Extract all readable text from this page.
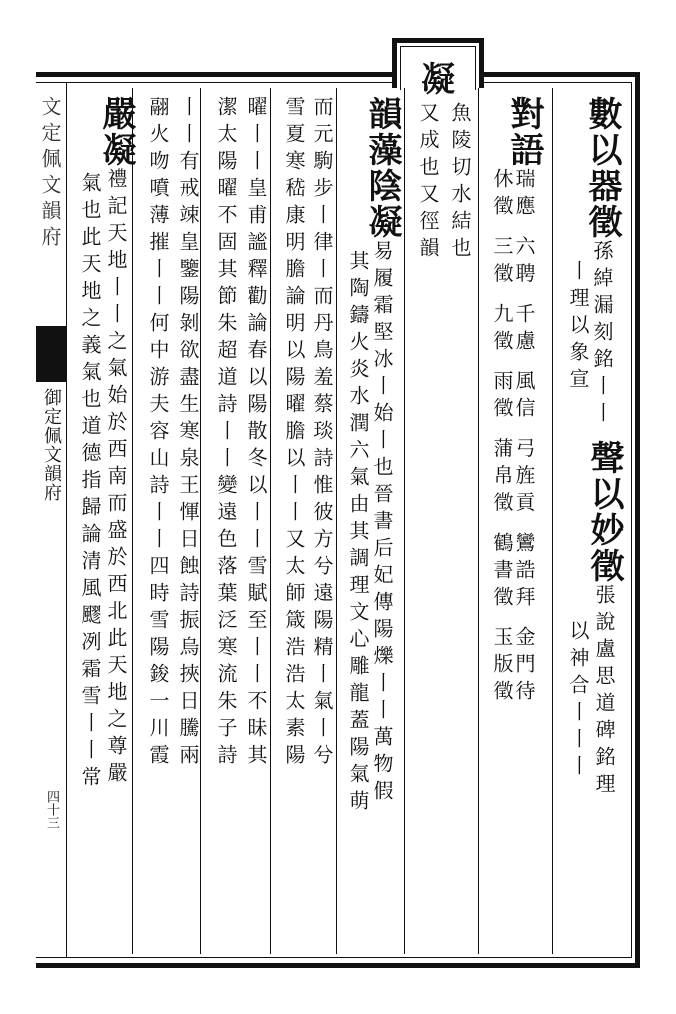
凝
文定佩文韻府
御定佩文韻府
四十三
數以器徵孫綽漏刻銘丨丨
丨理以象宣
聲以妙徵張說盧思道碑銘理
以神合丨丨丨
對語瑞應 六聘 千慮 風信 弓旌貢 鸞誥拜 金門待
休徵 三徵 九徵 雨徵 蒲帛徵 鶴書徵 玉版徵
魚陵切水結也
又成也又徑韻
韻藻陰凝易履霜堅冰丨始丨也晉書后妃傳陽爍丨丨萬物假
其陶鑄火炎水潤六氣由其調理文心雕龍蓋陽氣萌
而元駒步丨律丨而丹鳥羞蔡琰詩惟彼方兮遠陽精丨氣丨兮
雪夏寒嵇康明膽論明以陽曜膽以丨丨又太師箴浩浩太素陽
曜丨丨皇甫謐釋勸論春以陽散冬以丨丨雪賦至丨丨不昧其
潔太陽曜不固其節朱超道詩丨丨變遠色落葉泛寒流朱子詩
丨丨有戒竦皇鑒陽剝欲盡生寒泉王惲日蝕詩振烏挾日騰兩
翮火吻噴薄摧丨丨何中游夫容山詩丨丨四時雪陽鋑一川霞
嚴凝禮記天地丨丨之氣始於西南而盛於西北此天地之尊嚴
氣也此天地之義氣也道德指歸論清風飂冽霜雪丨丨常
